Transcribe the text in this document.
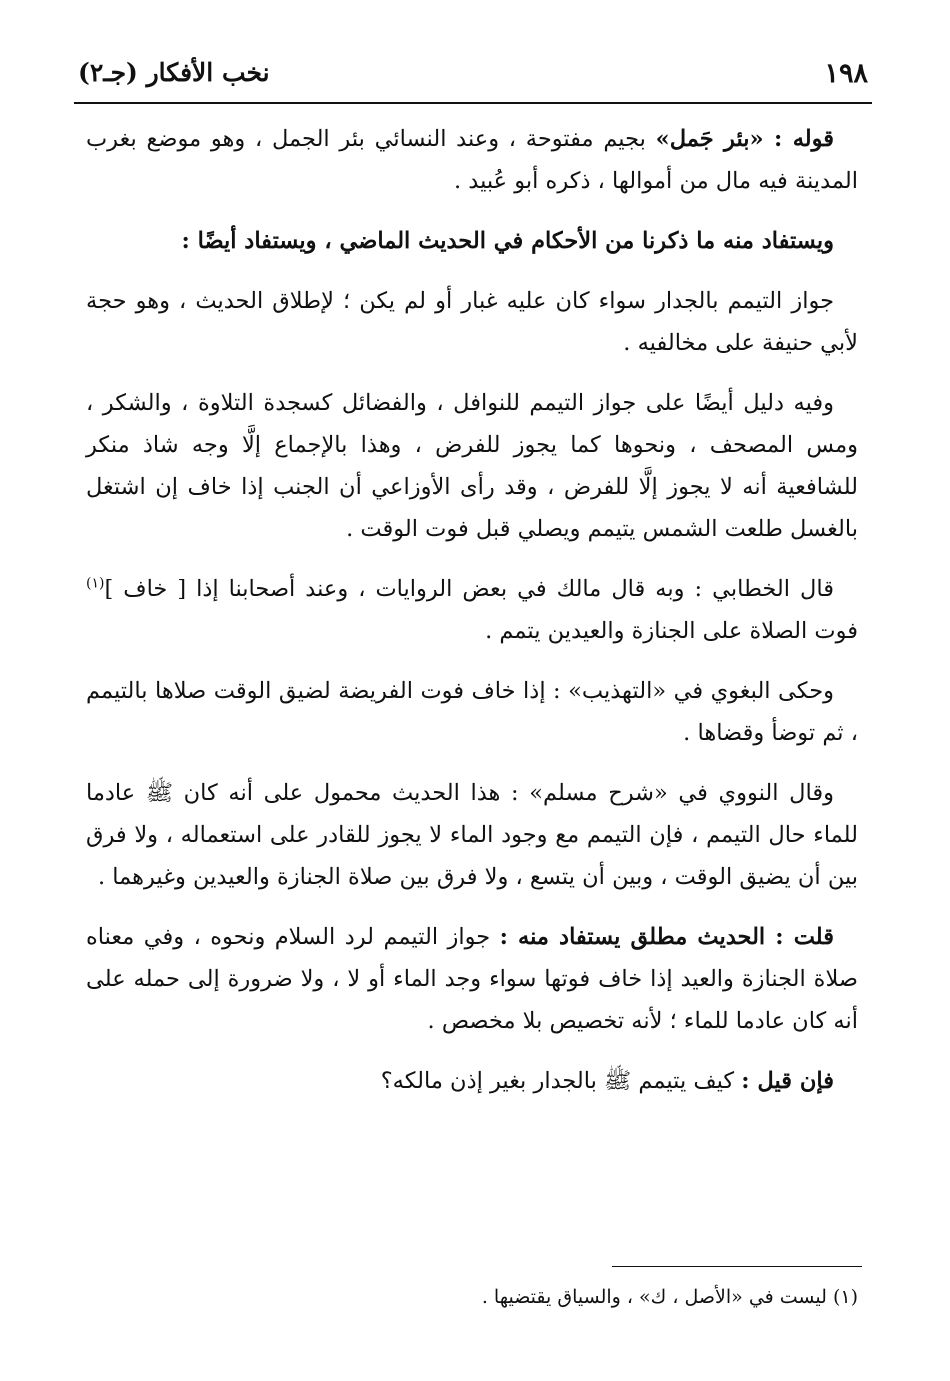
١٩٨
نخب الأفكار (جـ٢)

قوله : «بئر جَمل» بجيم مفتوحة ، وعند النسائي بئر الجمل ، وهو موضع بغرب المدينة فيه مال من أموالها ، ذكره أبو عُبيد .

ويستفاد منه ما ذكرنا من الأحكام في الحديث الماضي ، ويستفاد أيضًا :

جواز التيمم بالجدار سواء كان عليه غبار أو لم يكن ؛ لإطلاق الحديث ، وهو حجة لأبي حنيفة على مخالفيه .

وفيه دليل أيضًا على جواز التيمم للنوافل ، والفضائل كسجدة التلاوة ، والشكر ، ومس المصحف ، ونحوها كما يجوز للفرض ، وهذا بالإجماع إلَّا وجه شاذ منكر للشافعية أنه لا يجوز إلَّا للفرض ، وقد رأى الأوزاعي أن الجنب إذا خاف إن اشتغل بالغسل طلعت الشمس يتيمم ويصلي قبل فوت الوقت .

قال الخطابي : وبه قال مالك في بعض الروايات ، وعند أصحابنا إذا [ خاف ]$^{(١)}$ فوت الصلاة على الجنازة والعيدين يتمم .

وحكى البغوي في «التهذيب» : إذا خاف فوت الفريضة لضيق الوقت صلاها بالتيمم ، ثم توضأ وقضاها .

وقال النووي في «شرح مسلم» : هذا الحديث محمول على أنه كان ﷺ عادما للماء حال التيمم ، فإن التيمم مع وجود الماء لا يجوز للقادر على استعماله ، ولا فرق بين أن يضيق الوقت ، وبين أن يتسع ، ولا فرق بين صلاة الجنازة والعيدين وغيرهما .

قلت : الحديث مطلق يستفاد منه : جواز التيمم لرد السلام ونحوه ، وفي معناه صلاة الجنازة والعيد إذا خاف فوتها سواء وجد الماء أو لا ، ولا ضرورة إلى حمله على أنه كان عادما للماء ؛ لأنه تخصيص بلا مخصص .

فإن قيل : كيف يتيمم ﷺ بالجدار بغير إذن مالكه؟

(١) ليست في «الأصل ، ك» ، والسياق يقتضيها .
